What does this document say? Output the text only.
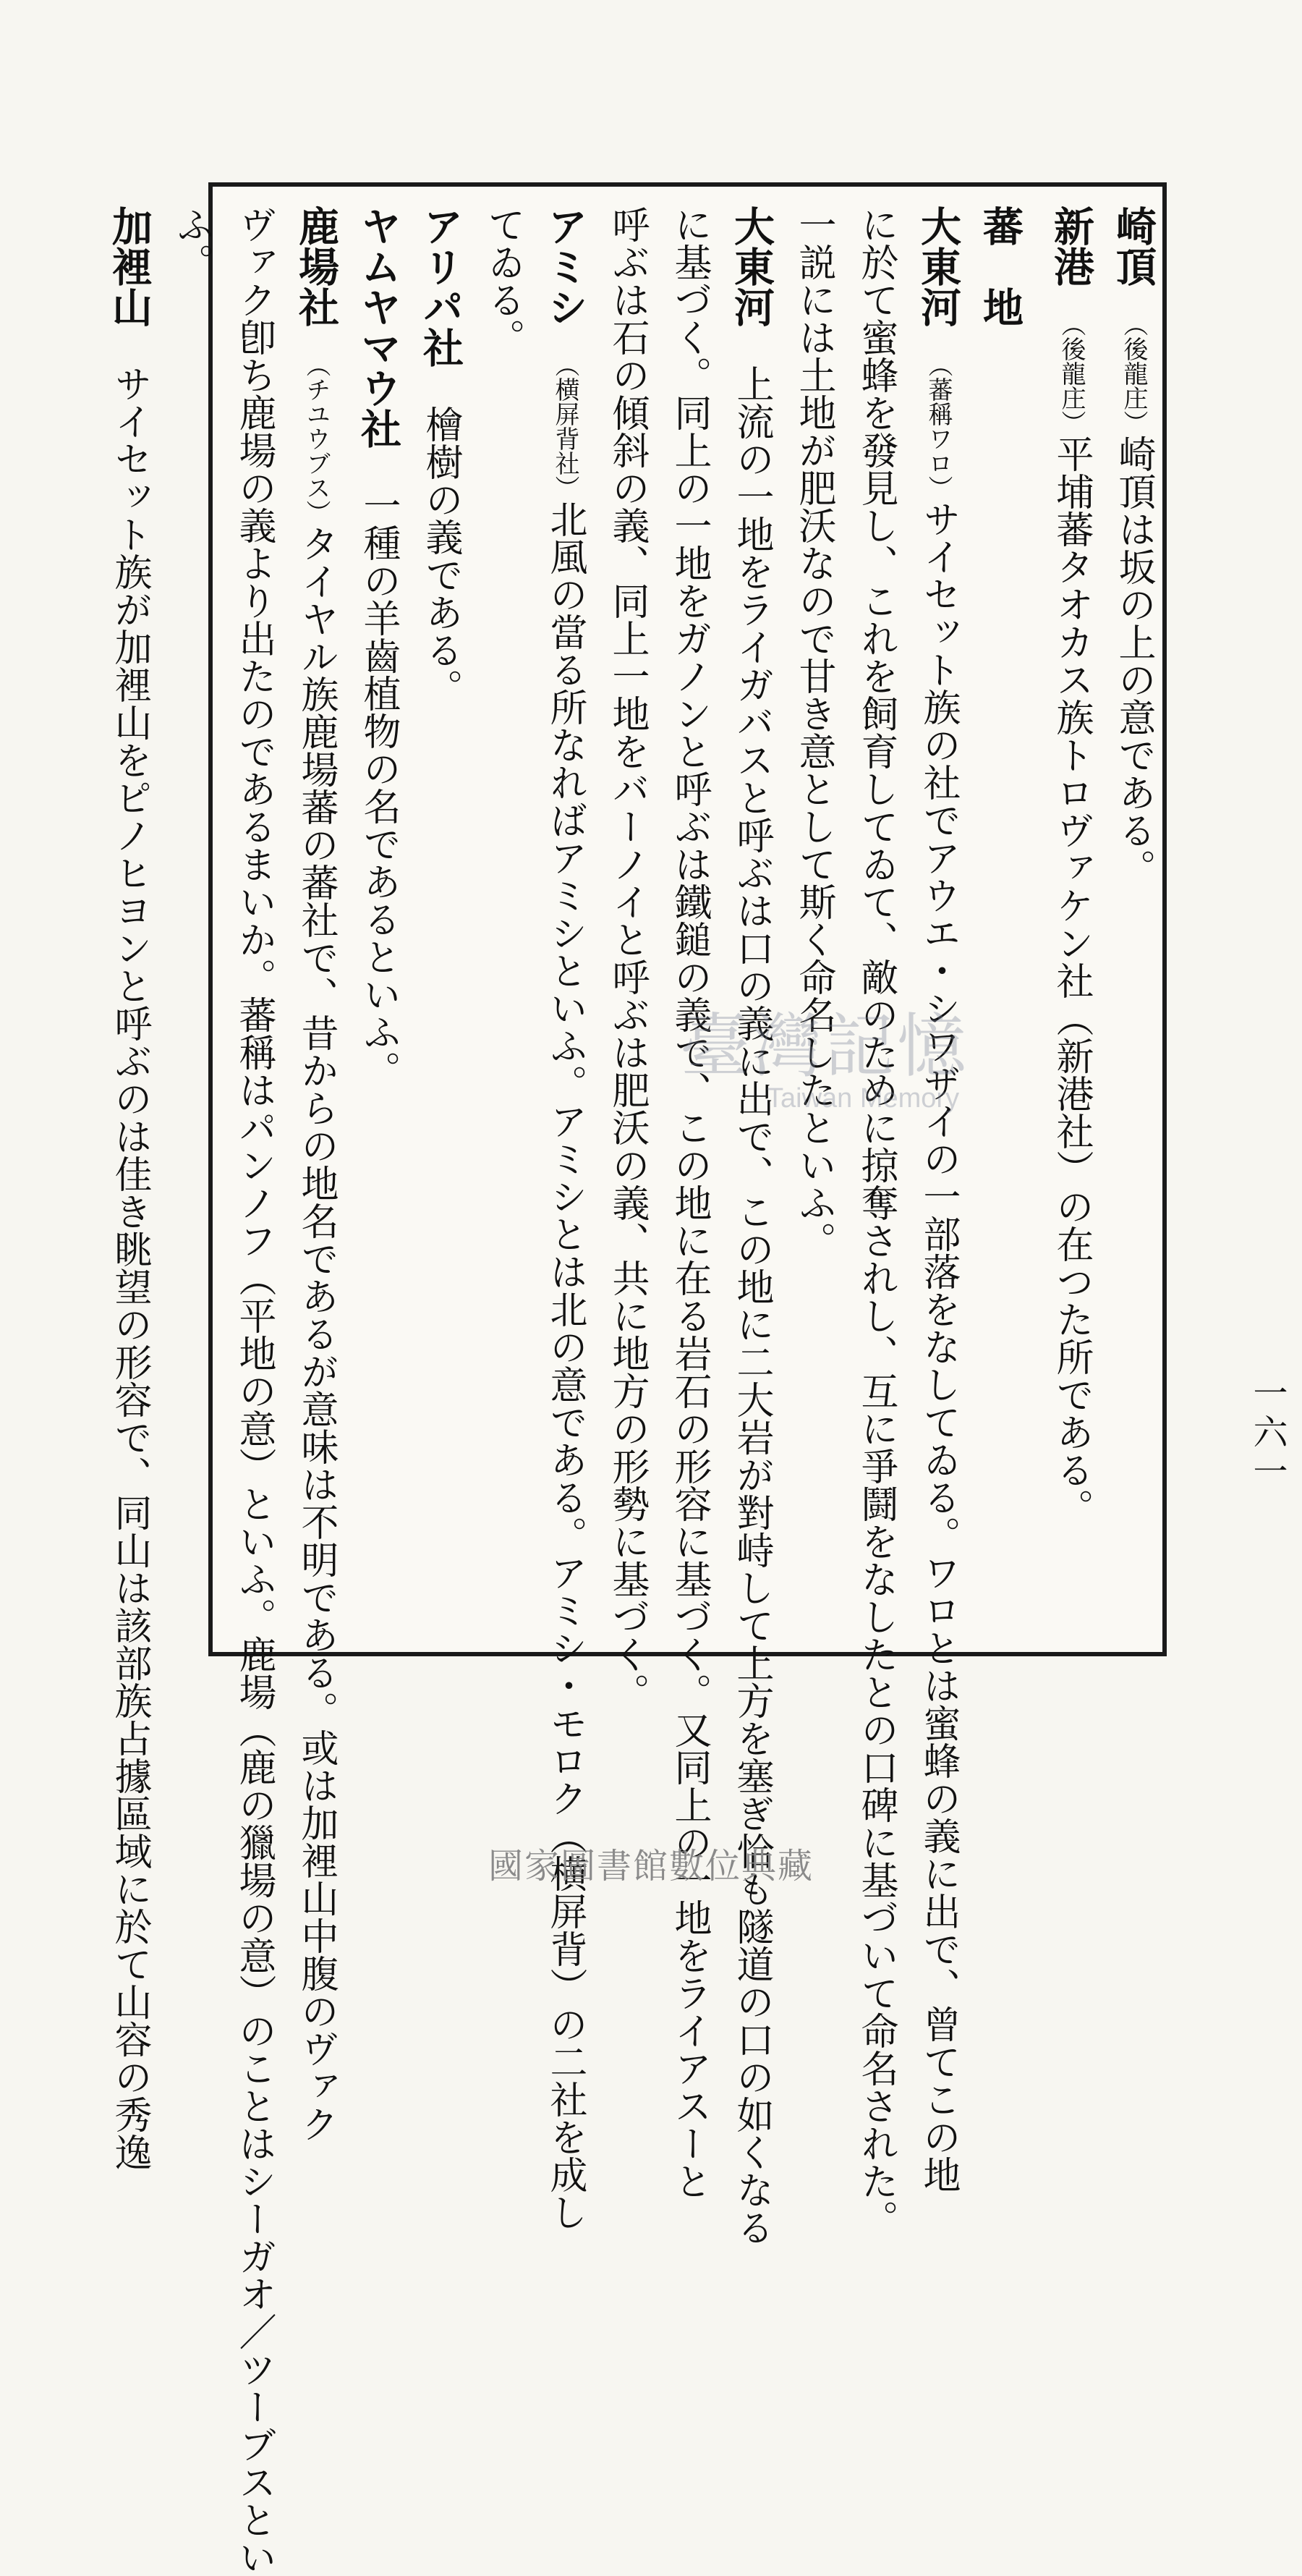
崎頂　（後龍庄）崎頂は坂の上の意である。
新港　（後龍庄）平埔蕃タオカス族トロヴァケン社（新港社）の在つた所である。
蕃　地　
大東河　（蕃稱ワロ）サイセット族の社でアウエ・シワザイの一部落をなしてゐる。ワロとは蜜蜂の義に出で、曾てこの地
に於て蜜蜂を發見し、これを飼育してゐて、敵のために掠奪されし、互に爭鬪をなしたとの口碑に基づいて命名された。
一説には土地が肥沃なので甘き意として斯く命名したといふ。
大東河　上流の一地をライガバスと呼ぶは口の義に出で、この地に二大岩が對峙して上方を塞ぎ恰も隧道の口の如くなる
に基づく。同上の一地をガノンと呼ぶは鐵鎚の義で、この地に在る岩石の形容に基づく。又同上の一地をライアスーと
呼ぶは石の傾斜の義、同上一地をバーノイと呼ぶは肥沃の義、共に地方の形勢に基づく。
アミシ　（横屏背社）北風の當る所なればアミシといふ。アミシとは北の意である。アミシ・モロク（横屏背）の二社を成し
てゐる。
アリパ社　檜樹の義である。
ヤムヤマウ社　一種の羊齒植物の名であるといふ。
鹿場社　（チユウブス）タイヤル族鹿場蕃の蕃社で、昔からの地名であるが意味は不明である。或は加裡山中腹のヴァク
ヴァク卽ち鹿場の義より出たのであるまいか。蕃稱はパンノフ（平地の意）といふ。鹿場（鹿の獵場の意）のことはシーガオ／ツーブスとい
ふ。
加裡山　サイセット族が加裡山をピノヒヨンと呼ぶのは佳き眺望の形容で、同山は該部族占據區域に於て山容の秀逸	一六一
臺灣記憶
Taiwan Memory
國家圖書館數位典藏
